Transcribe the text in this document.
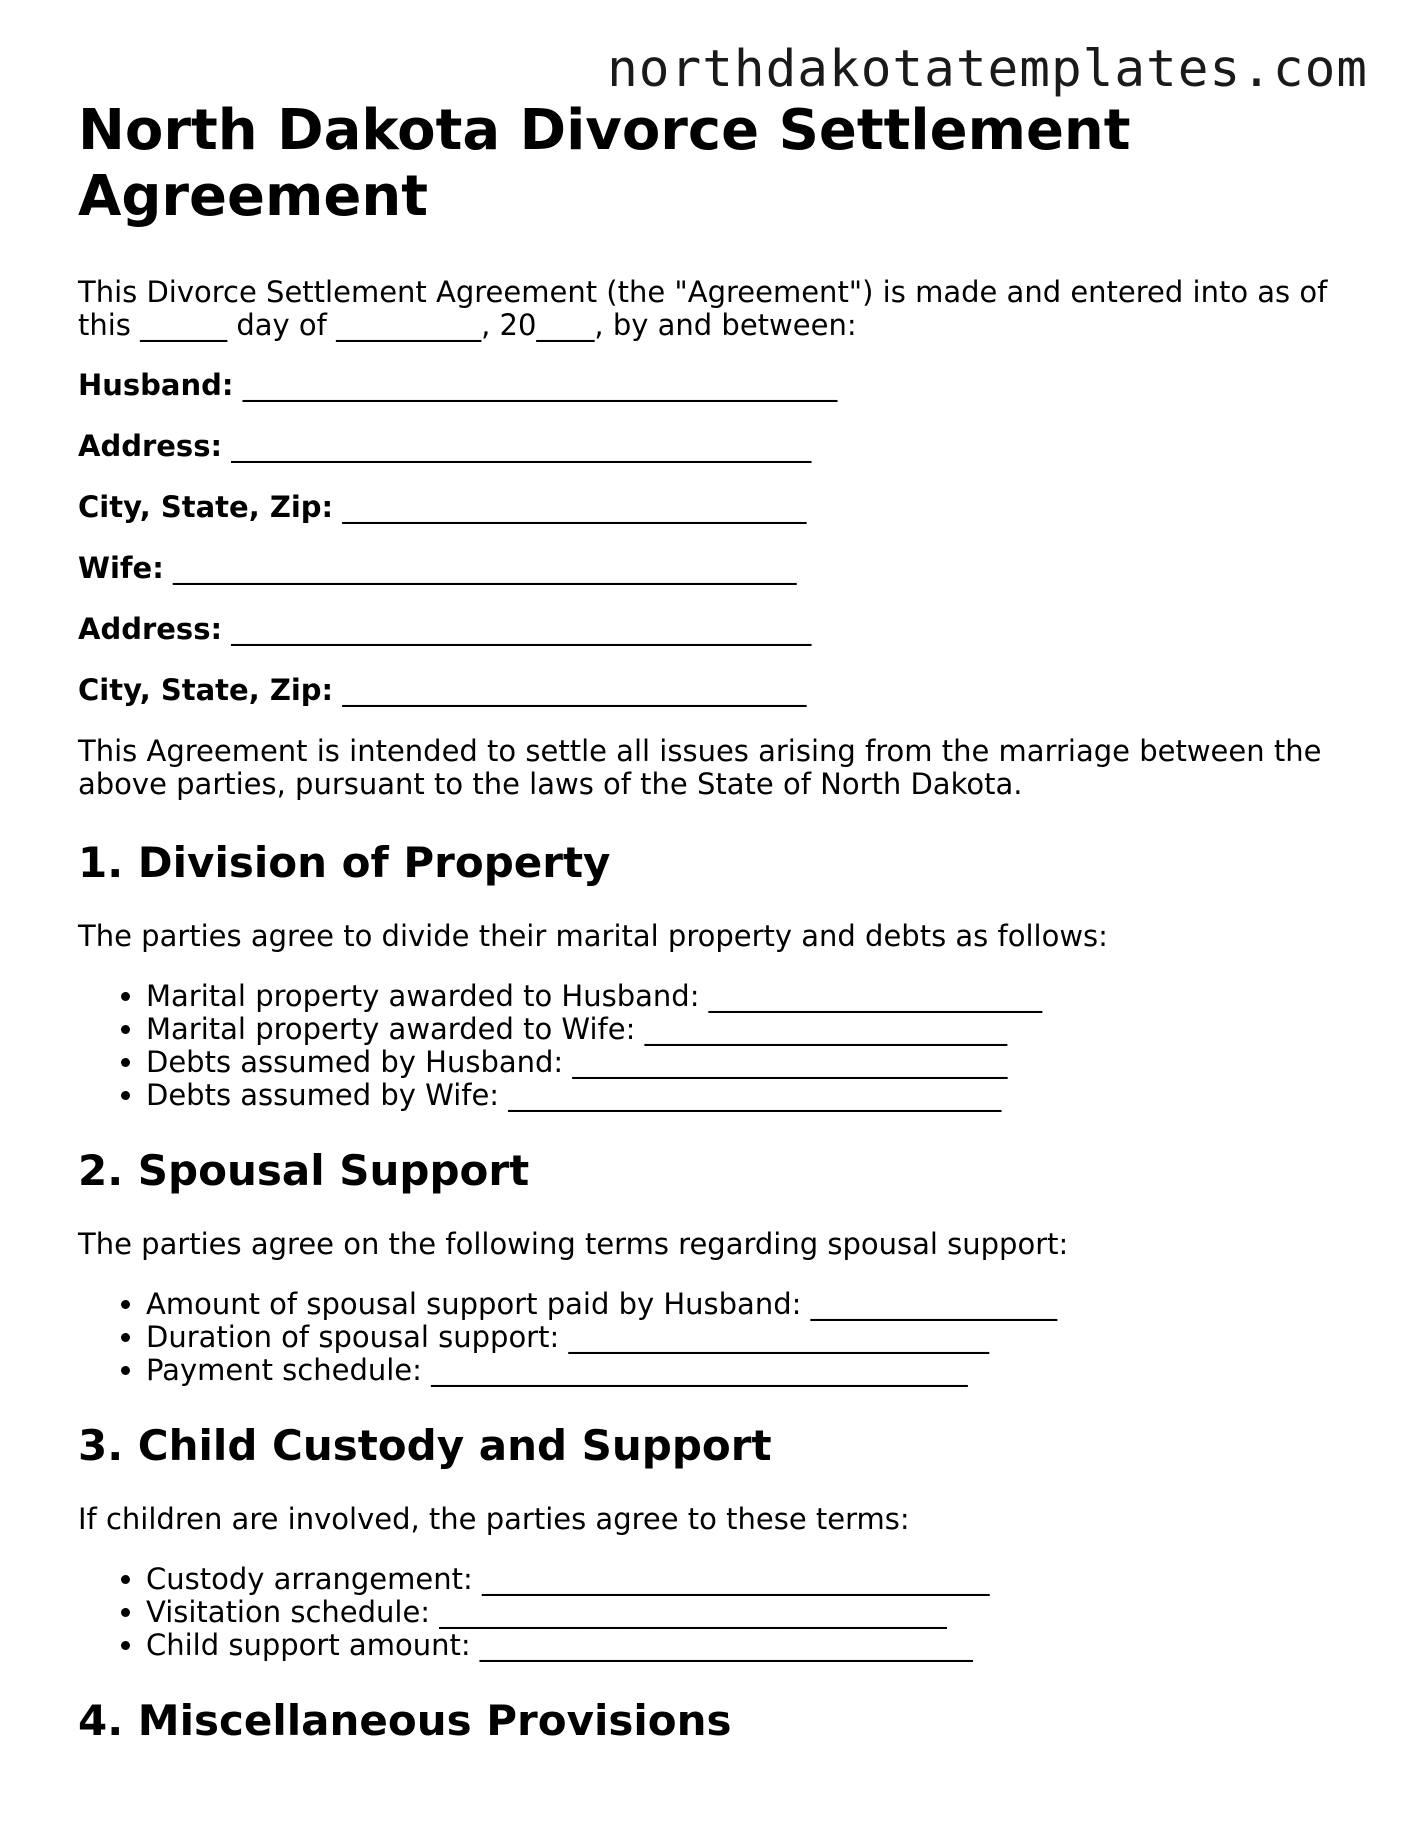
northdakotatemplates.com
North Dakota Divorce Settlement Agreement

This Divorce Settlement Agreement (the "Agreement") is made and entered into as of this ______ day of __________, 20____, by and between:

Husband: _________________________________________
Address: ________________________________________
City, State, Zip: ________________________________
Wife: ___________________________________________
Address: ________________________________________
City, State, Zip: ________________________________

This Agreement is intended to settle all issues arising from the marriage between the above parties, pursuant to the laws of the State of North Dakota.

1. Division of Property

The parties agree to divide their marital property and debts as follows:

• Marital property awarded to Husband: _______________________
• Marital property awarded to Wife: _________________________
• Debts assumed by Husband: ______________________________
• Debts assumed by Wife: __________________________________
2. Spousal Support

The parties agree on the following terms regarding spousal support:

• Amount of spousal support paid by Husband: _________________
• Duration of spousal support: _____________________________
• Payment schedule: _____________________________________
3. Child Custody and Support

If children are involved, the parties agree to these terms:

• Custody arrangement: ___________________________________
• Visitation schedule: ___________________________________
• Child support amount: __________________________________
4. Miscellaneous Provisions
